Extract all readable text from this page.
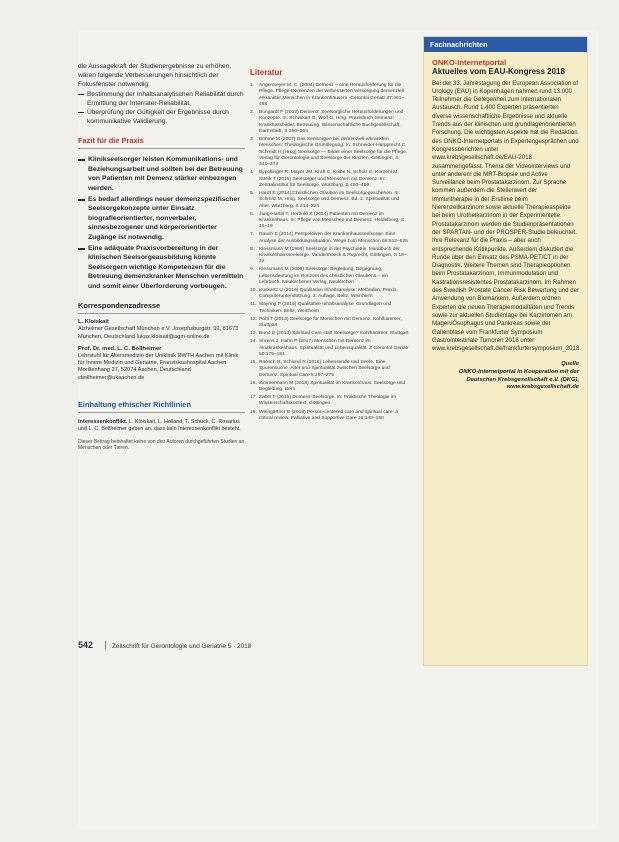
die Aussagekraft der Studienergebnisse zu erhöhen, wären folgende Verbesserungen hinsichtlich der Fokusfenster notwendig:

Bestimmung der Inhaltsanalytischen Reliabilität durch Ermittlung der Interrater-Reliabilität,
Überprüfung der Gültigkeit der Ergebnisse durch kommunikative Validierung.
Fazit für die Praxis
Klinikseelsorger leisten Kommunikations- und Beziehungsarbeit und sollten bei der Betreuung von Patienten mit Demenz stärker einbezogen werden.
Es bedarf allerdings neuer demenzspezifischer Seelsorgekonzepte unter Einsatz biografieorientierter, nonverbaler, sinnesbezogener und körperorientierter Zugänge ist notwendig.
Eine adäquate Praxisvorbereitung in der klinischen Seelsorgeausbildung könnte Seelsorgern wichtige Kompetenzen für die Betreuung demenzkranker Menschen vermitteln und somit einer Überforderung vorbeugen.
Korrespondenzadresse
L. Kloiskait
Alzheimer Gesellschaft München e.V. Josephsburgstr. 92, 81673 München, Deutschland lukas.kloisait@agm-online.de
Prof. Dr. med. L. C. Bollheimer
Lehrstuhl für Altersmedizin der Uniklinik RWTH Aachen mit Klinik für Innere Medizin und Geriatrie, Franziskushospital Aachen Morillenhang 27, 52074 Aachen, Deutschland cbollheimer@ukaachen.de
Einhaltung ethischer Richtlinien
Interessenkonflikt. L. Kloiskait, L. Holland, T. Schuck, C. Rosarius und L. C. Bollheimer geben an, dass kein Interessenkonflikt besteht.
Dieser Beitrag beinhaltet keine von den Autoren durchgeführten Studien an Menschen oder Tieren.
Literatur
1. Angermeyer M. C. (2004) Demenz – eine Herausforderung für die Pflege. Pflege-Demenzen der verbesserten Versorgung demenziell erkrankter Menschen in Krankenhäusern. Gerontol Geriatr 37:461–468
2. Bongardt F (2012) Demenz: Seelsorgliche Herausforderungen und Konzepte. In: Schwikart G, Wolf G, Hrsg. Praxisbuch Demenz: Krankheitsbilder, Betreuung. Wissenschaftliche Buchgesellschaft, Darmstadt, S 360–364
3. Böhme M (2007) Das Seelsorgen bei demenziell erkrankten Menschen: Theologische Grundlegung. In: Schneider-Harpprecht C, Schmidt H (Hrsg) Seelsorge — Bilder einer Seelsorge für die Pflege. Verlag für Gerontologie und Seelsorge der Kirchen, Göttingen, S 341–372
4. Bypollinger R, Mayer JM, Kraft C, Kolbe N, Scholz E, Kornehl M, Streik T (2015) Seelsorger und Menschen mit Demenz. In: Zentralinstitut für Seelsorge. Würzburg, S 450–459
5. Hardt E (2014) Christlichen Glauben im Seelsorgegeschehen. In: Schmitz M, Hrsg. Seelsorge und Demenz. Bd. 2. Spiritualität und Alter. Würzburg, S 214–224
6. Jung-Hartel T, Herbold S (2014) Patienten mit Demenz im Krankenhaus. In: Pflege von Menschen mit Demenz. Heidelberg, S 16–19
7. Rauch E (2014) Perspektiven der Krankenhausseelsorge. Eine Analyse der Ausbildungssituation. Wege zum Menschen 66:512–525
8. Klessmann M (1996) Seelsorge in der Psychiatrie. Handbuch der Krankenhausseelsorge. Vandenhoeck & Ruprecht, Göttingen, S 18–22
9. Klessmann M (2008) Seelsorge: Begleitung, Begegnung, Lebensdeutung im Horizont des christlichen Glaubens – ein Lehrbuch. Neukirchener Verlag, Neukirchen
10. Kuckartz U (2016) Qualitative Inhaltsanalyse: Methoden, Praxis, Computerunterstützung. 3. Auflage. Beltz, Weinheim
11. Mayring P (2015) Qualitative Inhaltsanalyse. Grundlagen und Techniken. Beltz, Weinheim
12. Pohl T (2014) Seelsorge für Menschen mit Demenz. Kohlhammer, Stuttgart
13. Bund D (2013) Spiritual Care statt Seelsorge? Kohlhammer, Stuttgart
14. Ahrens J, Hahn P (2017) Menschen mit Demenz im Akutkrankenhaus. Spiritualität und Lebensqualität. Z Gerontol Geriatr 50:175–181
15. Roesch R, Schlund R (2016) Lebensende und Seele. Eine Spurensuche. Alter und Spiritualität zwischen Seelsorge und Demenz. Spiritual Care 5:267–275
16. Zimmermann M (2018) Spiritualität im Krankenhaus. Seelsorge und Begleitung. Bern
17. Zabel F (2015) Demenz-Seelsorge. In: Praktische Theologie im Wissenschaftskontext. Göttingen
18. Weingärtner B (2018) Person-centered care and spiritual care: a critical review. Palliative and Supportive Care 16:140–150
Fachnachrichten

ONKO-Internetportal

Aktuelles vom EAU-Kongress 2018

Bei der 33. Jahrestagung der European Association of Urology (EAU) in Kopenhagen nahmen rund 13.000 Teilnehmer die Gelegenheit zum internationalen Austausch. Rund 1.400 Experten präsentierten diverse wissenschaftliche Ergebnisse und aktuelle Trends aus der klinischen und grundlagenorientierten Forschung. Die wichtigsten Aspekte hat die Redaktion des ONKO-Internetportals in Expertengesprächen und Kongressberichten unter www.krebsgesellschaft.de/EAU-2018 zusammengefasst. Thema der Videointerviews und unter anderem die MRT-Biopsie und Active Surveillance beim Prostatakarzinom. Zur Sprache kommen außerdem die Stellenwert der Immuntherapie in der Erstlinie beim Nierenzellkarzinom sowie aktuelle Therapieaspekte bei beim Urothelkarzinom in der Experimentelle Prostatakarzinom werden die Studienpräsentationen der SPARTAN- und der PROSPER-Studie beleuchtet. Ihre Relevanz für die Praxis – aber auch entsprechende Kritikpunkte. Außerdem diskutiert die Runde über den Einsatz des PSMA-PET/CT in der Diagnostik. Weitere Themen sind Therapieoptionen beim Prostatakarzinom, Immunmodulation und Kastrationsresistentes Prostatakarzinom. Im Rahmen des Swedish Prostate Cancer Risk Bewertung und der Anwendung von Biomarkern. Außerdem ordnen Experten die neuen Therapiemodalitäten und Trends sowie zur aktuellen Studienlage bei Karzinomen am Magen/Ösophagus und Pankreas sowie der Gallenblase vom Frankfurter Symposium Gastrointestinale Tumoren 2018 unter www.krebsgesellschaft.de/frankfurtersymposium_2018.
Quelle
ONKO-Internetportal in Kooperation mit der Deutschen Krebsgesellschaft e.V. (DKG), www.krebsgesellschaft.de
542	Zeitschrift für Gerontologie und Geriatrie 5 · 2018
